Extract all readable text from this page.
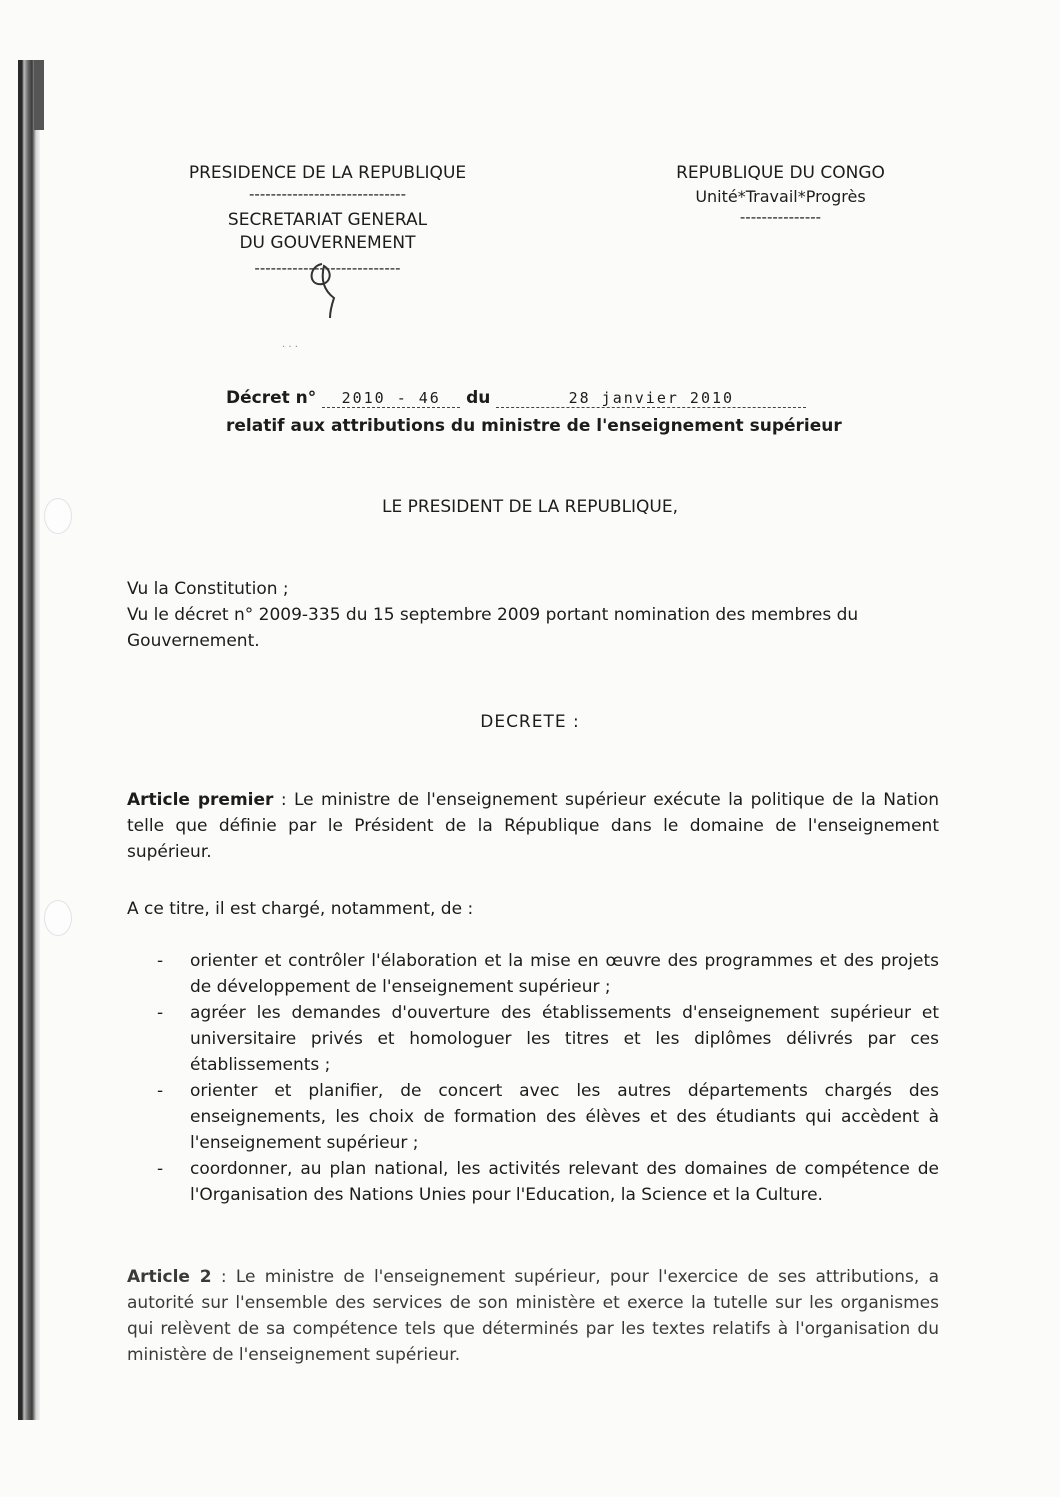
PRESIDENCE DE LA REPUBLIQUE
-----------------------------
SECRETARIAT GENERAL
DU GOUVERNEMENT
---------------------------
· · ·
REPUBLIQUE DU CONGO
Unité*Travail*Progrès
---------------
Décret n° 2010 - 46 du	28 janvier 2010
relatif aux attributions du ministre de l'enseignement supérieur
LE PRESIDENT DE LA REPUBLIQUE,
Vu la Constitution ;
Vu le décret n° 2009-335 du 15 septembre 2009 portant nomination des membres du Gouvernement.
DECRETE :
Article premier : Le ministre de l'enseignement supérieur exécute la politique de la Nation telle que définie par le Président de la République dans le domaine de l'enseignement supérieur.
A ce titre, il est chargé, notamment, de :
- orienter et contrôler l'élaboration et la mise en œuvre des programmes et des projets de développement de l'enseignement supérieur ;
- agréer les demandes d'ouverture des établissements d'enseignement supérieur et universitaire privés et homologuer les titres et les diplômes délivrés par ces établissements ;
- orienter et planifier, de concert avec les autres départements chargés des enseignements, les choix de formation des élèves et des étudiants qui accèdent à l'enseignement supérieur ;
- coordonner, au plan national, les activités relevant des domaines de compétence de l'Organisation des Nations Unies pour l'Education, la Science et la Culture.
Article 2 : Le ministre de l'enseignement supérieur, pour l'exercice de ses attributions, a autorité sur l'ensemble des services de son ministère et exerce la tutelle sur les organismes qui relèvent de sa compétence tels que déterminés par les textes relatifs à l'organisation du ministère de l'enseignement supérieur.
